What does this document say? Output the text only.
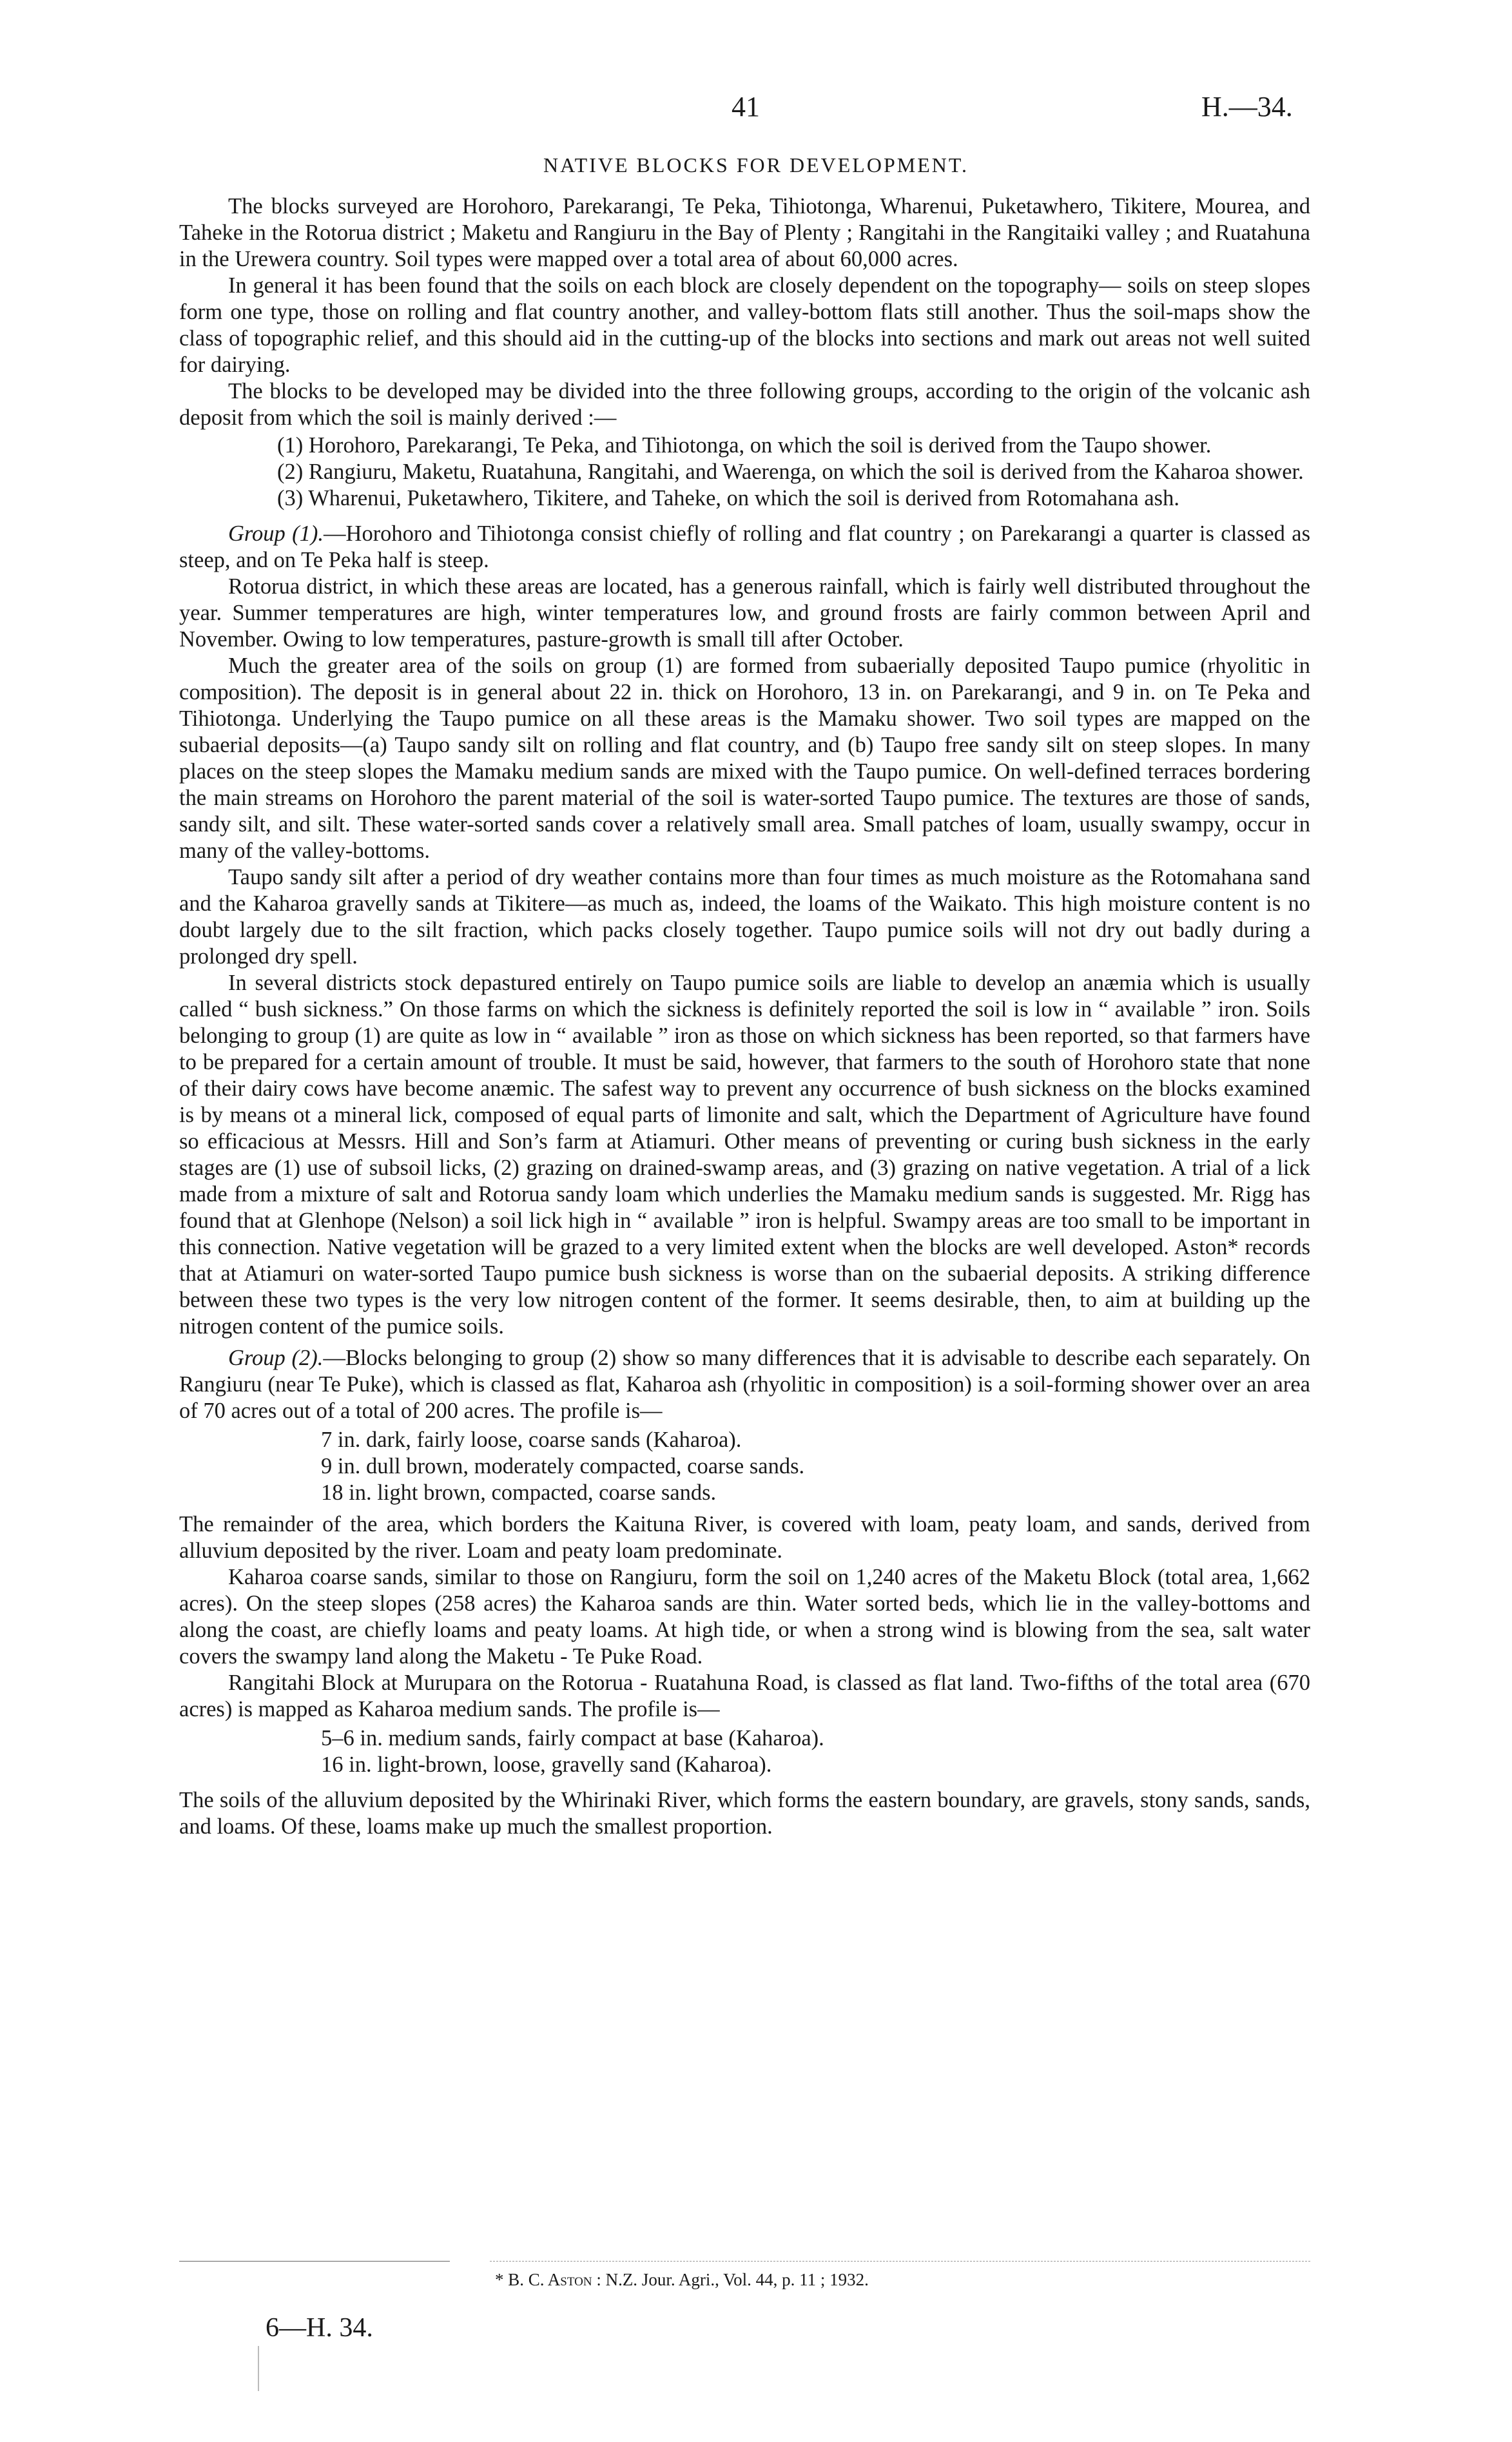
41	H.—34.
NATIVE BLOCKS FOR DEVELOPMENT.

The blocks surveyed are Horohoro, Parekarangi, Te Peka, Tihiotonga, Wharenui, Puketawhero, Tikitere, Mourea, and Taheke in the Rotorua district ; Maketu and Rangiuru in the Bay of Plenty ; Rangitahi in the Rangitaiki valley ; and Ruatahuna in the Urewera country. Soil types were mapped over a total area of about 60,000 acres.

In general it has been found that the soils on each block are closely dependent on the topography— soils on steep slopes form one type, those on rolling and flat country another, and valley-bottom flats still another. Thus the soil-maps show the class of topographic relief, and this should aid in the cutting-up of the blocks into sections and mark out areas not well suited for dairying.

The blocks to be developed may be divided into the three following groups, according to the origin of the volcanic ash deposit from which the soil is mainly derived :—

(1) Horohoro, Parekarangi, Te Peka, and Tihiotonga, on which the soil is derived from the Taupo shower.
(2) Rangiuru, Maketu, Ruatahuna, Rangitahi, and Waerenga, on which the soil is derived from the Kaharoa shower.
(3) Wharenui, Puketawhero, Tikitere, and Taheke, on which the soil is derived from Rotomahana ash.

Group (1).—Horohoro and Tihiotonga consist chiefly of rolling and flat country ; on Parekarangi a quarter is classed as steep, and on Te Peka half is steep.

Rotorua district, in which these areas are located, has a generous rainfall, which is fairly well distributed throughout the year. Summer temperatures are high, winter temperatures low, and ground frosts are fairly common between April and November. Owing to low temperatures, pasture-growth is small till after October.

Much the greater area of the soils on group (1) are formed from subaerially deposited Taupo pumice (rhyolitic in composition). The deposit is in general about 22 in. thick on Horohoro, 13 in. on Parekarangi, and 9 in. on Te Peka and Tihiotonga. Underlying the Taupo pumice on all these areas is the Mamaku shower. Two soil types are mapped on the subaerial deposits—(a) Taupo sandy silt on rolling and flat country, and (b) Taupo free sandy silt on steep slopes. In many places on the steep slopes the Mamaku medium sands are mixed with the Taupo pumice. On well-defined terraces bordering the main streams on Horohoro the parent material of the soil is water-sorted Taupo pumice. The textures are those of sands, sandy silt, and silt. These water-sorted sands cover a relatively small area. Small patches of loam, usually swampy, occur in many of the valley-bottoms.

Taupo sandy silt after a period of dry weather contains more than four times as much moisture as the Rotomahana sand and the Kaharoa gravelly sands at Tikitere—as much as, indeed, the loams of the Waikato. This high moisture content is no doubt largely due to the silt fraction, which packs closely together. Taupo pumice soils will not dry out badly during a prolonged dry spell.

In several districts stock depastured entirely on Taupo pumice soils are liable to develop an anæmia which is usually called “ bush sickness.” On those farms on which the sickness is definitely reported the soil is low in “ available ” iron. Soils belonging to group (1) are quite as low in “ available ” iron as those on which sickness has been reported, so that farmers have to be prepared for a certain amount of trouble. It must be said, however, that farmers to the south of Horohoro state that none of their dairy cows have become anæmic. The safest way to prevent any occurrence of bush sickness on the blocks examined is by means ot a mineral lick, composed of equal parts of limonite and salt, which the Department of Agriculture have found so efficacious at Messrs. Hill and Son’s farm at Atiamuri. Other means of preventing or curing bush sickness in the early stages are (1) use of subsoil licks, (2) grazing on drained-swamp areas, and (3) grazing on native vegetation. A trial of a lick made from a mixture of salt and Rotorua sandy loam which underlies the Mamaku medium sands is suggested. Mr. Rigg has found that at Glenhope (Nelson) a soil lick high in “ available ” iron is helpful. Swampy areas are too small to be important in this connection. Native vegetation will be grazed to a very limited extent when the blocks are well developed. Aston* records that at Atiamuri on water-sorted Taupo pumice bush sickness is worse than on the subaerial deposits. A striking difference between these two types is the very low nitrogen content of the former. It seems desirable, then, to aim at building up the nitrogen content of the pumice soils.

Group (2).—Blocks belonging to group (2) show so many differences that it is advisable to describe each separately. On Rangiuru (near Te Puke), which is classed as flat, Kaharoa ash (rhyolitic in composition) is a soil-forming shower over an area of 70 acres out of a total of 200 acres. The profile is—

7 in. dark, fairly loose, coarse sands (Kaharoa).
9 in. dull brown, moderately compacted, coarse sands.
18 in. light brown, compacted, coarse sands.

The remainder of the area, which borders the Kaituna River, is covered with loam, peaty loam, and sands, derived from alluvium deposited by the river. Loam and peaty loam predominate.

Kaharoa coarse sands, similar to those on Rangiuru, form the soil on 1,240 acres of the Maketu Block (total area, 1,662 acres). On the steep slopes (258 acres) the Kaharoa sands are thin. Water sorted beds, which lie in the valley-bottoms and along the coast, are chiefly loams and peaty loams. At high tide, or when a strong wind is blowing from the sea, salt water covers the swampy land along the Maketu - Te Puke Road.

Rangitahi Block at Murupara on the Rotorua - Ruatahuna Road, is classed as flat land. Two-fifths of the total area (670 acres) is mapped as Kaharoa medium sands. The profile is—

5–6 in. medium sands, fairly compact at base (Kaharoa).
16 in. light-brown, loose, gravelly sand (Kaharoa).

The soils of the alluvium deposited by the Whirinaki River, which forms the eastern boundary, are gravels, stony sands, sands, and loams. Of these, loams make up much the smallest proportion.

* B. C. Aston : N.Z. Jour. Agri., Vol. 44, p. 11 ; 1932.
6—H. 34.
